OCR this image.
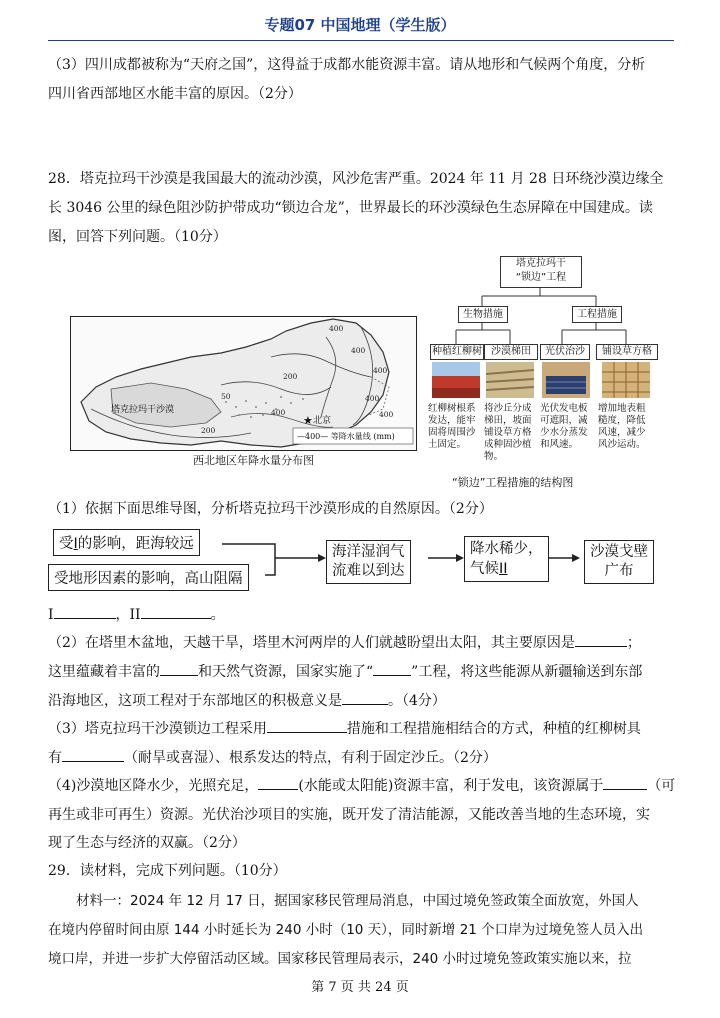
专题07 中国地理（学生版）
（3）四川成都被称为“天府之国”，这得益于成都水能资源丰富。请从地形和气候两个角度，分析
四川省西部地区水能丰富的原因。（2分）
28．塔克拉玛干沙漠是我国最大的流动沙漠，风沙危害严重。2024 年 11 月 28 日环绕沙漠边缘全
长 3046 公里的绿色阻沙防护带成功“锁边合龙”，世界最长的环沙漠绿色生态屏障在中国建成。读
图，回答下列问题。（10分）
★ 北京
塔克拉玛干沙漠
400
400
400
200
50	400
200
400
400
—400— 等降水量线 (mm)
西北地区年降水量分布图
塔克拉玛干
“锁边”工程
生物措施	工程措施
种植红柳树 沙漠梯田	光伏治沙	铺设草方格
红柳树根系发达，能牢固将周围沙土固定。
将沙丘分成梯田，坡面铺设草方格成种固沙植物。
光伏发电板可遮阳，减少水分蒸发和风速。
增加地表粗糙度，降低风速，减少风沙运动。
“锁边”工程措施的结构图
（1）依据下面思维导图，分析塔克拉玛干沙漠形成的自然原因。（2分）
受I的影响，距海较远
受地形因素的影响，高山阻隔
海洋湿润气
流难以到达
降水稀少，
气候II
沙漠戈壁
广布
I	，II	。
（2）在塔里木盆地，天越干旱，塔里木河两岸的人们就越盼望出太阳，其主要原因是	；
这里蕴藏着丰富的	和天然气资源，国家实施了“	”工程，将这些能源从新疆输送到东部
沿海地区，这项工程对于东部地区的积极意义是	。（4分）
（3）塔克拉玛干沙漠锁边工程采用	措施和工程措施相结合的方式，种植的红柳树具
有	（耐旱或喜湿）、根系发达的特点，有利于固定沙丘。（2分）
（4)沙漠地区降水少，光照充足，	(水能或太阳能)资源丰富，利于发电，该资源属于	（可
再生或非可再生）资源。光伏治沙项目的实施，既开发了清洁能源，又能改善当地的生态环境，实
现了生态与经济的双赢。（2分）
29．读材料，完成下列问题。（10分）
材料一：2024 年 12 月 17 日，据国家移民管理局消息，中国过境免签政策全面放宽，外国人
在境内停留时间由原 144 小时延长为 240 小时（10 天），同时新增 21 个口岸为过境免签人员入出
境口岸，并进一步扩大停留活动区域。国家移民管理局表示，240 小时过境免签政策实施以来，拉
第 7 页 共 24 页
